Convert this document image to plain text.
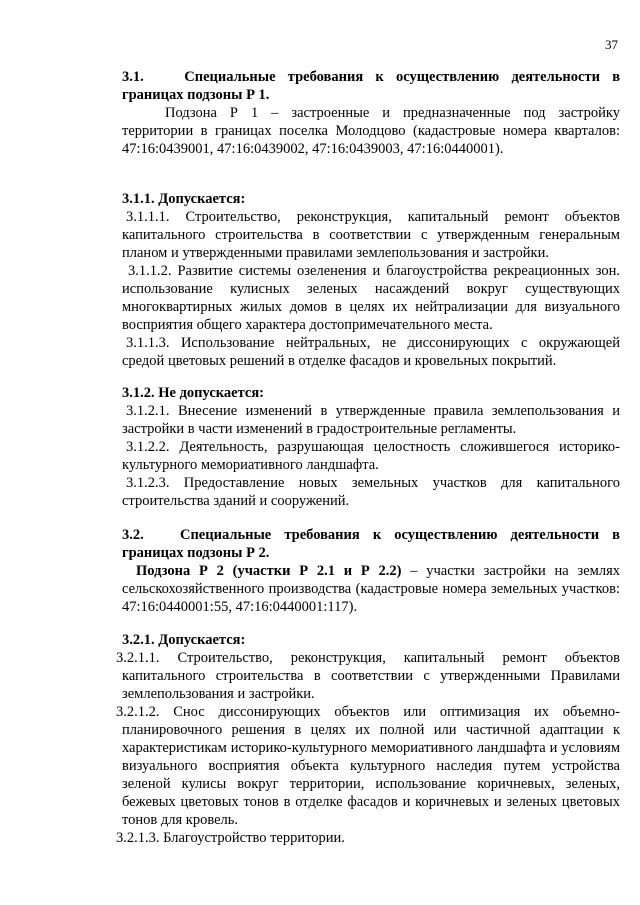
37
3.1.	Специальные требования к осуществлению деятельности в
границах подзоны Р 1.
Подзона Р 1 – застроенные и предназначенные под застройку
территории в границах поселка Молодцово (кадастровые номера кварталов:
47:16:0439001, 47:16:0439002, 47:16:0439003, 47:16:0440001).
3.1.1. Допускается:
3.1.1.1. Строительство, реконструкция, капитальный ремонт объектов
капитального строительства в соответствии с утвержденным генеральным
планом и утвержденными правилами землепользования и застройки.
3.1.1.2. Развитие системы озеленения и благоустройства рекреационных зон.
использование кулисных зеленых насаждений вокруг существующих
многоквартирных жилых домов в целях их нейтрализации для визуального
восприятия общего характера достопримечательного места.
3.1.1.3. Использование нейтральных, не диссонирующих с окружающей
средой цветовых решений в отделке фасадов и кровельных покрытий.
3.1.2. Не допускается:
3.1.2.1. Внесение изменений в утвержденные правила землепользования и
застройки в части изменений в градостроительные регламенты.
3.1.2.2. Деятельность, разрушающая целостность сложившегося историко-
культурного мемориативного ландшафта.
3.1.2.3. Предоставление новых земельных участков для капитального
строительства зданий и сооружений.
3.2. Специальные требования к осуществлению деятельности в
границах подзоны Р 2.
Подзона Р 2 (участки Р 2.1 и Р 2.2) – участки застройки на землях
сельскохозяйственного производства (кадастровые номера земельных участков:
47:16:0440001:55, 47:16:0440001:117).
3.2.1. Допускается:
3.2.1.1. Строительство, реконструкция, капитальный ремонт объектов
капитального строительства в соответствии с утвержденными Правилами
землепользования и застройки.
3.2.1.2. Снос диссонирующих объектов или оптимизация их объемно-
планировочного решения в целях их полной или частичной адаптации к
характеристикам историко-культурного мемориативного ландшафта и условиям
визуального восприятия объекта культурного наследия путем устройства
зеленой кулисы вокруг территории, использование коричневых, зеленых,
бежевых цветовых тонов в отделке фасадов и коричневых и зеленых цветовых
тонов для кровель.
3.2.1.3. Благоустройство территории.
